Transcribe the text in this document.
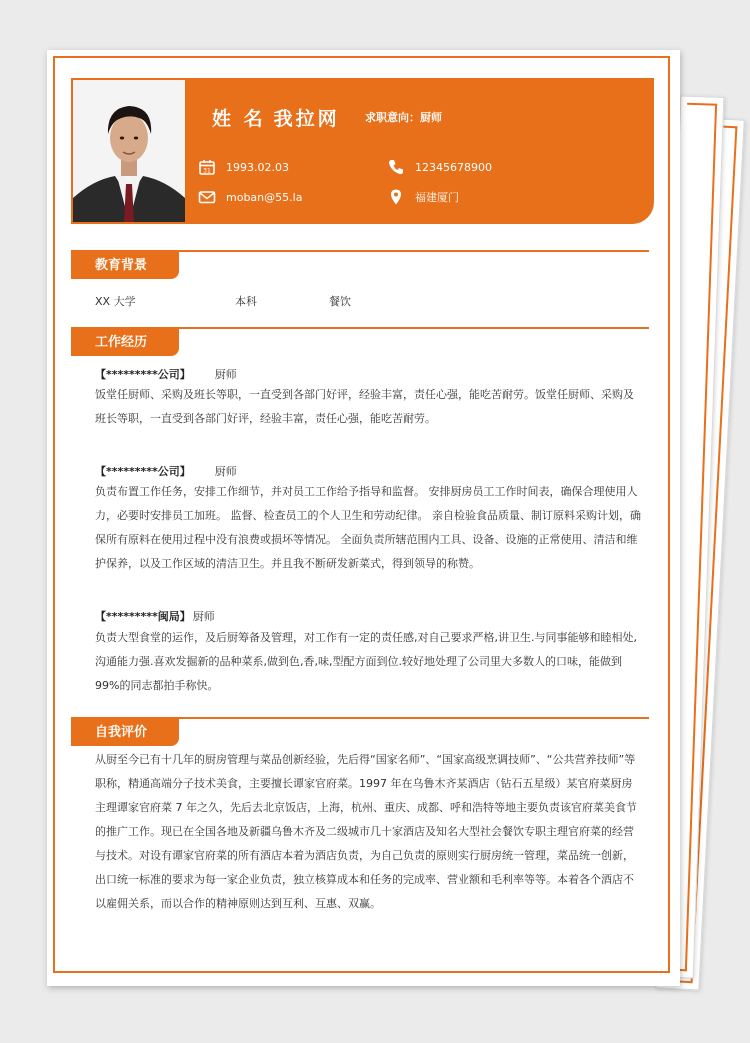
姓 名 我拉网	求职意向：厨师
31 1993.02.03	12345678900
moban@55.la	福建厦门
教育背景
XX 大学	本科	餐饮
工作经历
【*********公司】 厨师
饭堂任厨师、采购及班长等职，一直受到各部门好评，经验丰富，责任心强，能吃苦耐劳。饭堂任厨师、采购及班长等职，一直受到各部门好评，经验丰富，责任心强，能吃苦耐劳。
【*********公司】 厨师
负责布置工作任务，安排工作细节，并对员工工作给予指导和监督。 安排厨房员工工作时间表，确保合理使用人力，必要时安排员工加班。 监督、检查员工的个人卫生和劳动纪律。 亲自检验食品质量、制订原料采购计划，确保所有原料在使用过程中没有浪费或损坏等情况。 全面负责所辖范围内工具、设备、设施的正常使用、清洁和维护保养，以及工作区域的清洁卫生。并且我不断研发新菜式，得到领导的称赞。
【*********闽局】 厨师
负责大型食堂的运作，及后厨筹备及管理，对工作有一定的责任感,对自己要求严格,讲卫生.与同事能够和睦相处,沟通能力强.喜欢发掘新的品种菜系,做到色,香,味,型配方面到位.较好地处理了公司里大多数人的口味，能做到 99%的同志都拍手称快。
自我评价
从厨至今已有十几年的厨房管理与菜品创新经验，先后得“国家名师”、“国家高级烹调技师”、“公共营养技师”等职称，精通高端分子技术美食，主要擅长谭家官府菜。1997 年在乌鲁木齐某酒店（钻石五星级）某官府菜厨房主理谭家官府菜 7 年之久，先后去北京饭店，上海，杭州、重庆、成都、呼和浩特等地主要负责该官府菜美食节的推广工作。现已在全国各地及新疆乌鲁木齐及二级城市几十家酒店及知名大型社会餐饮专职主理官府菜的经营与技术。对设有谭家官府菜的所有酒店本着为酒店负责，为自己负责的原则实行厨房统一管理，菜品统一创新，出口统一标准的要求为每一家企业负责，独立核算成本和任务的完成率、营业额和毛利率等等。本着各个酒店不以雇佣关系，而以合作的精神原则达到互利、互惠、双赢。
